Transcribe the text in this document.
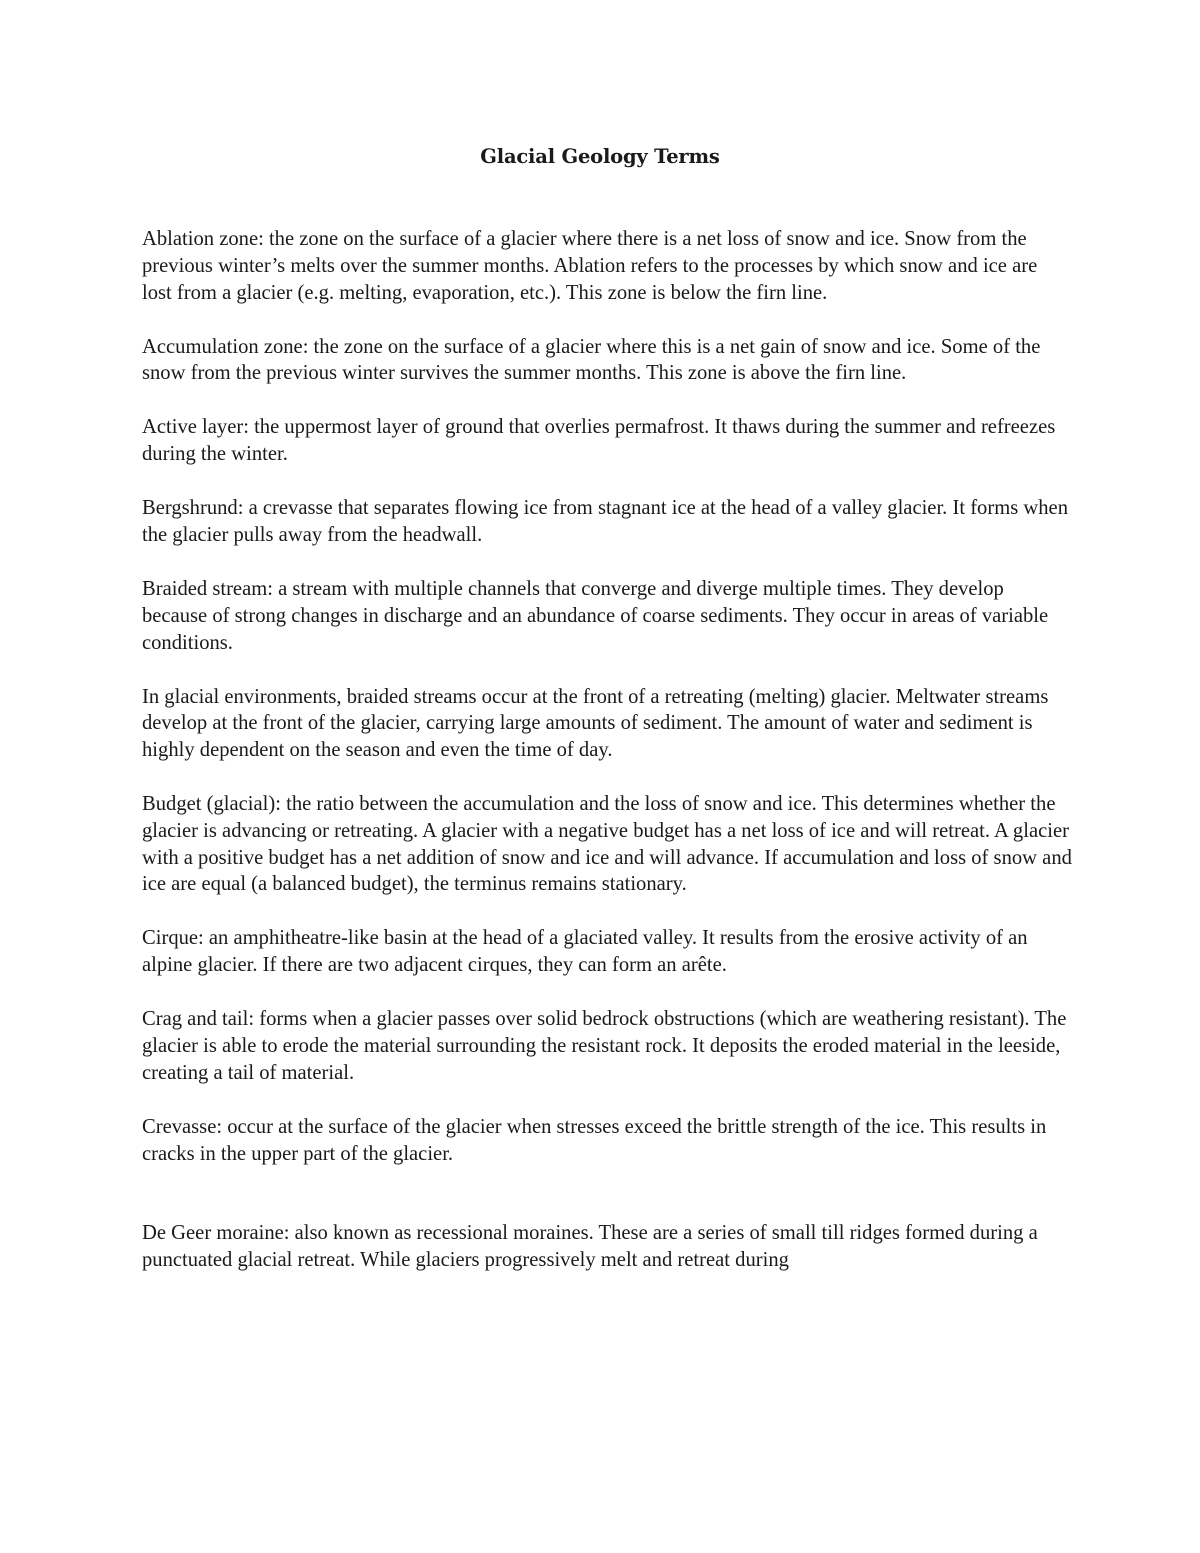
Glacial Geology Terms

Ablation zone: the zone on the surface of a glacier where there is a net loss of snow and ice. Snow from the previous winter’s melts over the summer months. Ablation refers to the processes by which snow and ice are lost from a glacier (e.g. melting, evaporation, etc.). This zone is below the firn line.

Accumulation zone: the zone on the surface of a glacier where this is a net gain of snow and ice. Some of the snow from the previous winter survives the summer months. This zone is above the firn line.

Active layer: the uppermost layer of ground that overlies permafrost. It thaws during the summer and refreezes during the winter.

Bergshrund: a crevasse that separates flowing ice from stagnant ice at the head of a valley glacier. It forms when the glacier pulls away from the headwall.

Braided stream: a stream with multiple channels that converge and diverge multiple times. They develop because of strong changes in discharge and an abundance of coarse sediments. They occur in areas of variable conditions.

In glacial environments, braided streams occur at the front of a retreating (melting) glacier. Meltwater streams develop at the front of the glacier, carrying large amounts of sediment. The amount of water and sediment is highly dependent on the season and even the time of day.

Budget (glacial): the ratio between the accumulation and the loss of snow and ice. This determines whether the glacier is advancing or retreating. A glacier with a negative budget has a net loss of ice and will retreat. A glacier with a positive budget has a net addition of snow and ice and will advance. If accumulation and loss of snow and ice are equal (a balanced budget), the terminus remains stationary.

Cirque: an amphitheatre-like basin at the head of a glaciated valley. It results from the erosive activity of an alpine glacier. If there are two adjacent cirques, they can form an arête.

Crag and tail: forms when a glacier passes over solid bedrock obstructions (which are weathering resistant). The glacier is able to erode the material surrounding the resistant rock. It deposits the eroded material in the leeside, creating a tail of material.

Crevasse: occur at the surface of the glacier when stresses exceed the brittle strength of the ice. This results in cracks in the upper part of the glacier.

De Geer moraine: also known as recessional moraines. These are a series of small till ridges formed during a punctuated glacial retreat. While glaciers progressively melt and retreat during
